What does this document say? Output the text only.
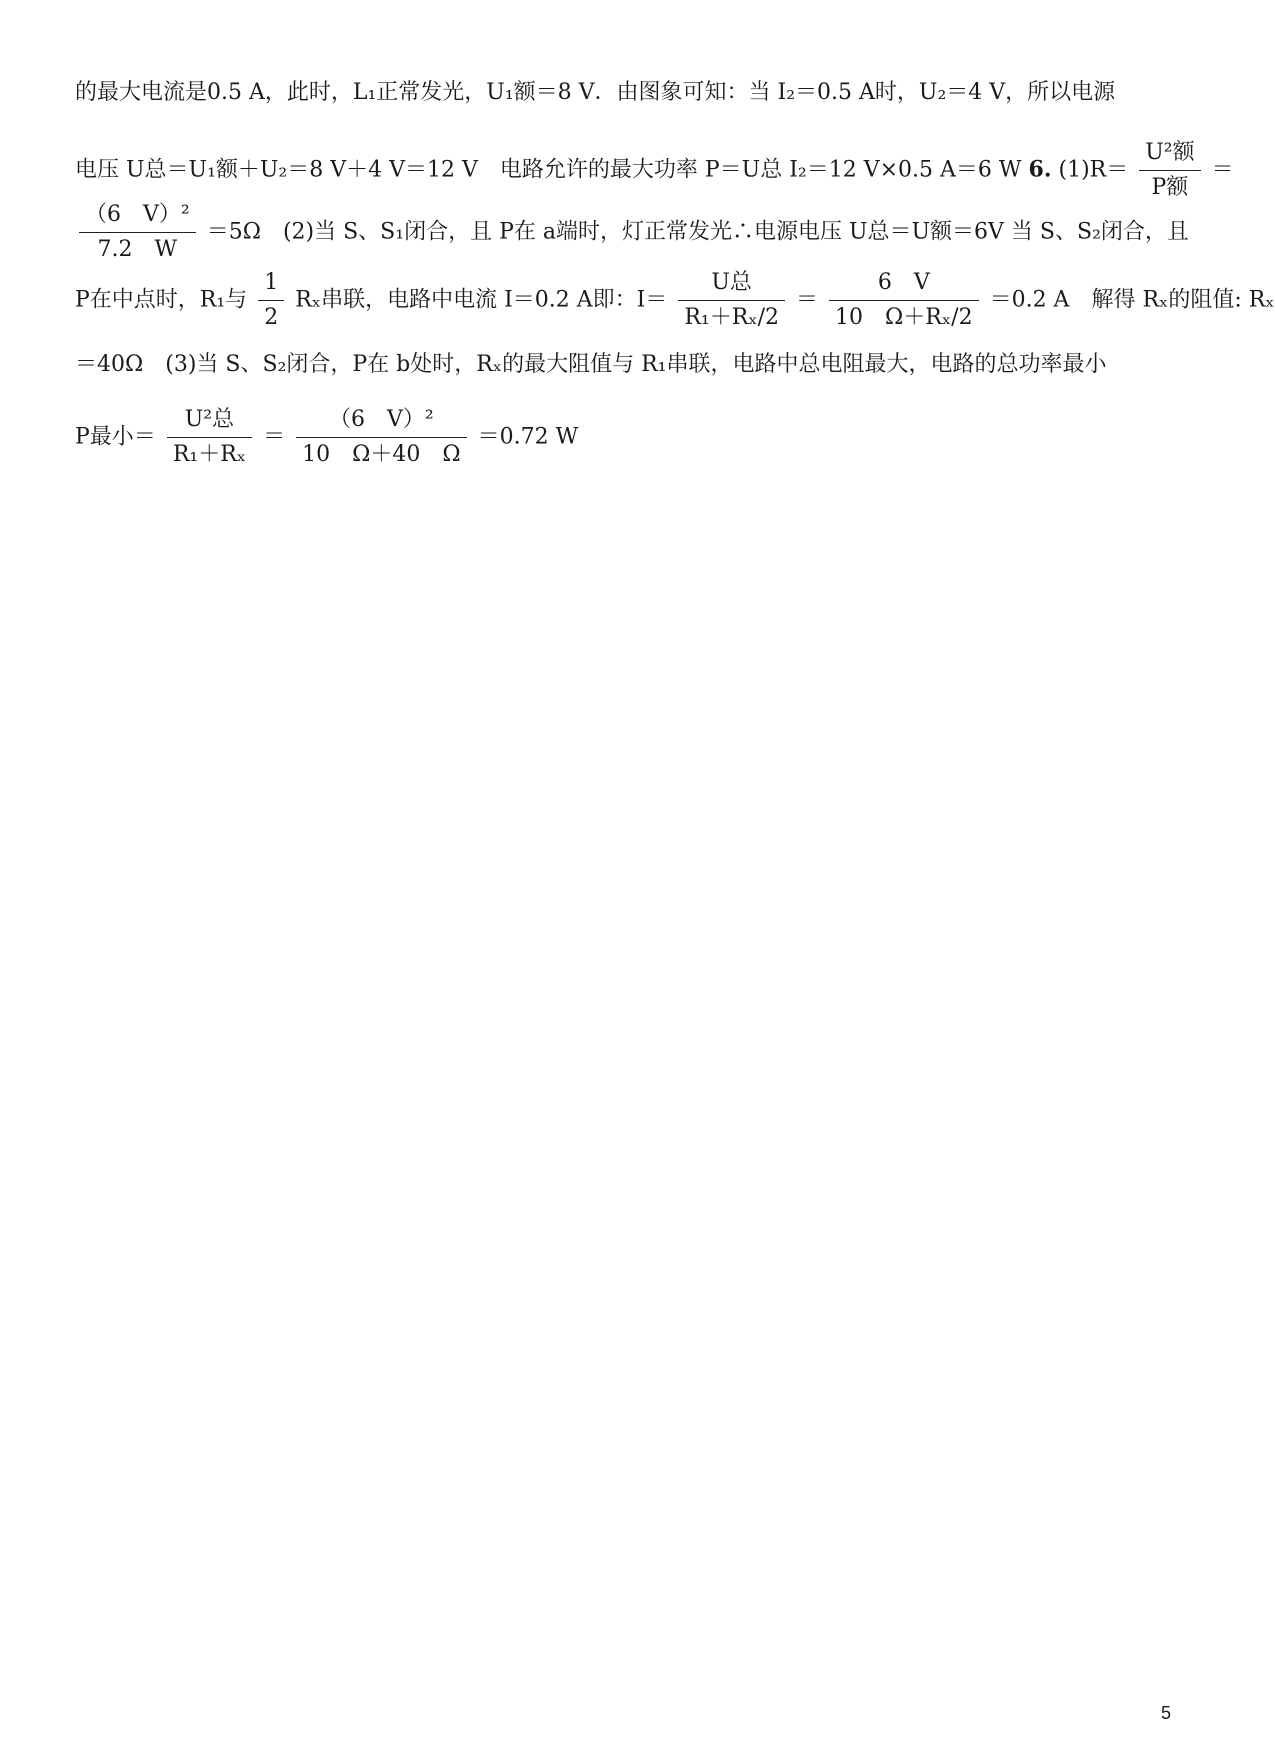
的最大电流是0.5 A，此时，L₁正常发光，U₁额＝8 V．由图象可知：当 I₂＝0.5 A时，U₂＝4 V，所以电源
电压 U总＝U₁额＋U₂＝8 V＋4 V＝12 V　电路允许的最大功率 P＝U总 I₂＝12 V×0.5 A＝6 W 6. $(1)R= \frac{\text{U²额}}{\text{P额}}$ ＝
$\frac{\text{（6　V）²}}{7.2 W} =5\Omega$　(2)当 S、S₁闭合，且 P在 a端时，灯正常发光∴电源电压 U总＝U额＝6V 当 S、S₂闭合，且
P在中点时，R₁与 $\frac{1}{2}$ Rₓ串联，电路中电流 I＝0.2 A即：$I= \frac{\text{U总}}{\text{R₁＋Rₓ/2}} = \frac{6 V}{\text{10　Ω＋Rₓ/2}} =0.2$ A　解得 Rₓ的阻值: Rₓ
＝40Ω　(3)当 S、S₂闭合，P在 b处时，Rₓ的最大阻值与 R₁串联，电路中总电阻最大，电路的总功率最小
P最小＝ $\frac{\text{U²总}}{\text{R₁＋Rₓ}} = \frac{\text{（6　V）²}}{10 \Omega+40 \Omega} =0.72$ W
5
